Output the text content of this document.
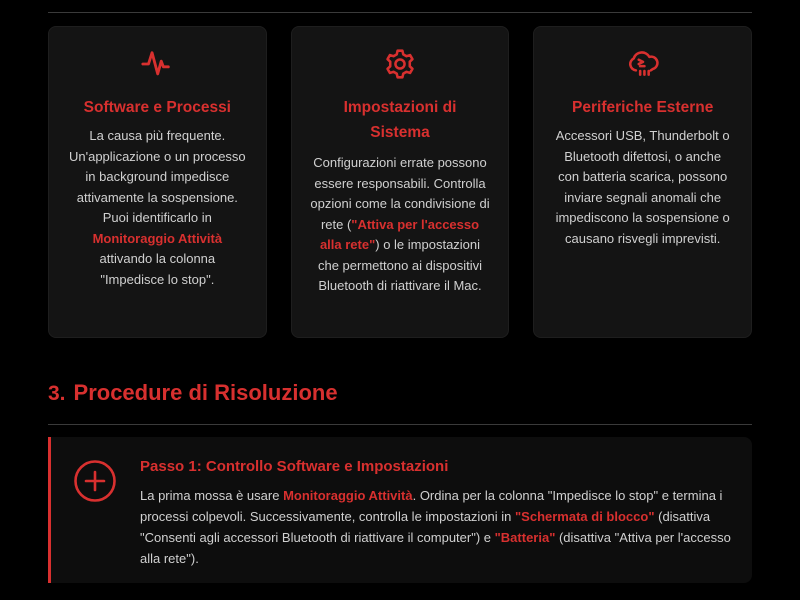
Software e Processi

La causa più frequente. Un'applicazione o un processo in background impedisce attivamente la sospensione. Puoi identificarlo in Monitoraggio Attività attivando la colonna "Impedisce lo stop".

Impostazioni di Sistema

Configurazioni errate possono essere responsabili. Controlla opzioni come la condivisione di rete ("Attiva per l'accesso alla rete") o le impostazioni che permettono ai dispositivi Bluetooth di riattivare il Mac.

Periferiche Esterne

Accessori USB, Thunderbolt o Bluetooth difettosi, o anche con batteria scarica, possono inviare segnali anomali che impediscono la sospensione o causano risvegli imprevisti.

3. Procedure di Risoluzione
Passo 1: Controllo Software e Impostazioni

La prima mossa è usare Monitoraggio Attività. Ordina per la colonna "Impedisce lo stop" e termina i processi colpevoli. Successivamente, controlla le impostazioni in "Schermata di blocco" (disattiva "Consenti agli accessori Bluetooth di riattivare il computer") e "Batteria" (disattiva "Attiva per l'accesso alla rete").
